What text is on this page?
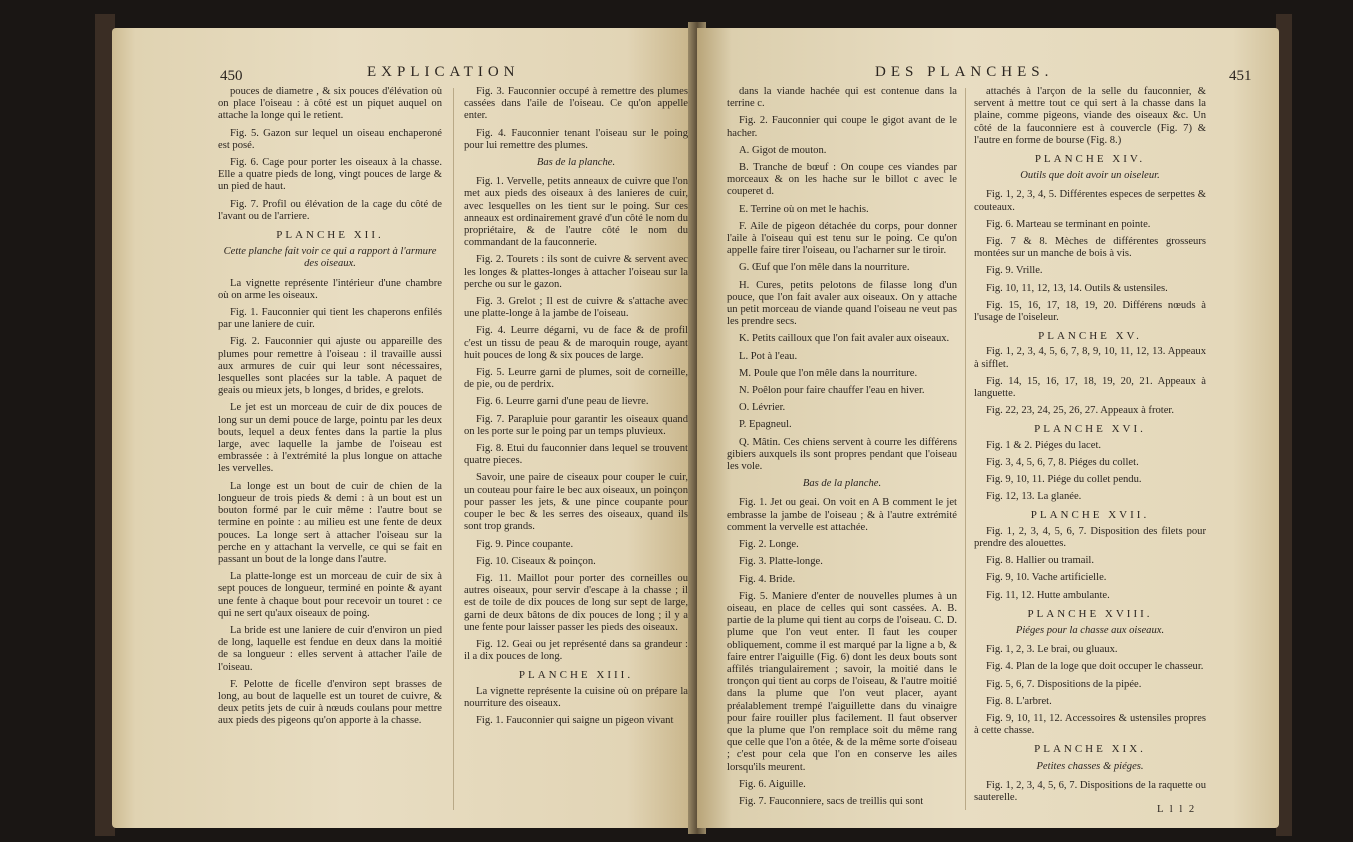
450	EXPLICATION

pouces de diametre , & six pouces d'élévation où on place l'oiseau : à côté est un piquet auquel on attache la longe qui le retient.

Fig. 5. Gazon sur lequel un oiseau enchaperoné est posé.

Fig. 6. Cage pour porter les oiseaux à la chasse. Elle a quatre pieds de long, vingt pouces de large & un pied de haut.

Fig. 7. Profil ou élévation de la cage du côté de l'avant ou de l'arriere.

PLANCHE XII.

Cette planche fait voir ce qui a rapport à l'armure des oiseaux.

La vignette représente l'intérieur d'une chambre où on arme les oiseaux.

Fig. 1. Fauconnier qui tient les chaperons enfilés par une laniere de cuir.

Fig. 2. Fauconnier qui ajuste ou appareille des plumes pour remettre à l'oiseau : il travaille aussi aux armures de cuir qui leur sont nécessaires, lesquelles sont placées sur la table. A paquet de geais ou mieux jets, b longes, d brides, e grelots.

Le jet est un morceau de cuir de dix pouces de long sur un demi pouce de large, pointu par les deux bouts, lequel a deux fentes dans la partie la plus large, avec laquelle la jambe de l'oiseau est embrassée : à l'extrémité la plus longue on attache les vervelles.

La longe est un bout de cuir de chien de la longueur de trois pieds & demi : à un bout est un bouton formé par le cuir même : l'autre bout se termine en pointe : au milieu est une fente de deux pouces. La longe sert à attacher l'oiseau sur la perche en y attachant la vervelle, ce qui se fait en passant un bout de la longe dans l'autre.

La platte-longe est un morceau de cuir de six à sept pouces de longueur, terminé en pointe & ayant une fente à chaque bout pour recevoir un touret : ce qui ne sert qu'aux oiseaux de poing.

La bride est une laniere de cuir d'environ un pied de long, laquelle est fendue en deux dans la moitié de sa longueur : elles servent à attacher l'aile de l'oiseau.

F. Pelotte de ficelle d'environ sept brasses de long, au bout de laquelle est un touret de cuivre, & deux petits jets de cuir à nœuds coulans pour mettre aux pieds des pigeons qu'on apporte à la chasse.

Fig. 3. Fauconnier occupé à remettre des plumes cassées dans l'aile de l'oiseau. Ce qu'on appelle enter.

Fig. 4. Fauconnier tenant l'oiseau sur le poing pour lui remettre des plumes.

Bas de la planche.

Fig. 1. Vervelle, petits anneaux de cuivre que l'on met aux pieds des oiseaux à des lanieres de cuir, avec lesquelles on les tient sur le poing. Sur ces anneaux est ordinairement gravé d'un côté le nom du propriétaire, & de l'autre côté le nom du commandant de la fauconnerie.

Fig. 2. Tourets : ils sont de cuivre & servent avec les longes & plattes-longes à attacher l'oiseau sur la perche ou sur le gazon.

Fig. 3. Grelot ; Il est de cuivre & s'attache avec une platte-longe à la jambe de l'oiseau.

Fig. 4. Leurre dégarni, vu de face & de profil c'est un tissu de peau & de maroquin rouge, ayant huit pouces de long & six pouces de large.

Fig. 5. Leurre garni de plumes, soit de corneille, de pie, ou de perdrix.

Fig. 6. Leurre garni d'une peau de lievre.

Fig. 7. Parapluie pour garantir les oiseaux quand on les porte sur le poing par un temps pluvieux.

Fig. 8. Etui du fauconnier dans lequel se trouvent quatre pieces.

Savoir, une paire de ciseaux pour couper le cuir, un couteau pour faire le bec aux oiseaux, un poinçon pour passer les jets, & une pince coupante pour couper le bec & les serres des oiseaux, quand ils sont trop grands.

Fig. 9. Pince coupante.

Fig. 10. Ciseaux & poinçon.

Fig. 11. Maillot pour porter des corneilles ou autres oiseaux, pour servir d'escape à la chasse ; il est de toile de dix pouces de long sur sept de large, garni de deux bâtons de dix pouces de long ; il y a une fente pour laisser passer les pieds des oiseaux.

Fig. 12. Geai ou jet représenté dans sa grandeur : il a dix pouces de long.

PLANCHE XIII.

La vignette représente la cuisine où on prépare la nourriture des oiseaux.

Fig. 1. Fauconnier qui saigne un pigeon vivant

DES PLANCHES.	451

dans la viande hachée qui est contenue dans la terrine c.

Fig. 2. Fauconnier qui coupe le gigot avant de le hacher.

A. Gigot de mouton.

B. Tranche de bœuf : On coupe ces viandes par morceaux & on les hache sur le billot c avec le couperet d.

E. Terrine où on met le hachis.

F. Aile de pigeon détachée du corps, pour donner l'aile à l'oiseau qui est tenu sur le poing. Ce qu'on appelle faire tirer l'oiseau, ou l'acharner sur le tiroir.

G. Œuf que l'on mêle dans la nourriture.

H. Cures, petits pelotons de filasse long d'un pouce, que l'on fait avaler aux oiseaux. On y attache un petit morceau de viande quand l'oiseau ne veut pas les prendre secs.

K. Petits cailloux que l'on fait avaler aux oiseaux.

L. Pot à l'eau.

M. Poule que l'on mêle dans la nourriture.

N. Poêlon pour faire chauffer l'eau en hiver.

O. Lévrier.

P. Epagneul.

Q. Mâtin. Ces chiens servent à courre les différens gibiers auxquels ils sont propres pendant que l'oiseau les vole.

Bas de la planche.

Fig. 1. Jet ou geai. On voit en A B comment le jet embrasse la jambe de l'oiseau ; & à l'autre extrémité comment la vervelle est attachée.

Fig. 2. Longe.

Fig. 3. Platte-longe.

Fig. 4. Bride.

Fig. 5. Maniere d'enter de nouvelles plumes à un oiseau, en place de celles qui sont cassées. A. B. partie de la plume qui tient au corps de l'oiseau. C. D. plume que l'on veut enter. Il faut les couper obliquement, comme il est marqué par la ligne a b, & faire entrer l'aiguille (Fig. 6) dont les deux bouts sont affilés triangulairement ; savoir, la moitié dans le tronçon qui tient au corps de l'oiseau, & l'autre moitié dans la plume que l'on veut placer, ayant préalablement trempé l'aiguillette dans du vinaigre pour faire rouiller plus facilement. Il faut observer que la plume que l'on remplace soit du même rang que celle que l'on a ôtée, & de la même sorte d'oiseau ; c'est pour cela que l'on en conserve les ailes lorsqu'ils meurent.

Fig. 6. Aiguille.

Fig. 7. Fauconniere, sacs de treillis qui sont

attachés à l'arçon de la selle du fauconnier, & servent à mettre tout ce qui sert à la chasse dans la plaine, comme pigeons, viande des oiseaux &c. Un côté de la fauconniere est à couvercle (Fig. 7) & l'autre en forme de bourse (Fig. 8.)

PLANCHE XIV.

Outils que doit avoir un oiseleur.

Fig. 1, 2, 3, 4, 5. Différentes especes de serpettes & couteaux.

Fig. 6. Marteau se terminant en pointe.

Fig. 7 & 8. Mèches de différentes grosseurs montées sur un manche de bois à vis.

Fig. 9. Vrille.

Fig. 10, 11, 12, 13, 14. Outils & ustensiles.

Fig. 15, 16, 17, 18, 19, 20. Différens nœuds à l'usage de l'oiseleur.

PLANCHE XV.

Fig. 1, 2, 3, 4, 5, 6, 7, 8, 9, 10, 11, 12, 13. Appeaux à sifflet.

Fig. 14, 15, 16, 17, 18, 19, 20, 21. Appeaux à languette.

Fig. 22, 23, 24, 25, 26, 27. Appeaux à froter.

PLANCHE XVI.

Fig. 1 & 2. Piéges du lacet.

Fig. 3, 4, 5, 6, 7, 8. Piéges du collet.

Fig. 9, 10, 11. Piége du collet pendu.

Fig. 12, 13. La glanée.

PLANCHE XVII.

Fig. 1, 2, 3, 4, 5, 6, 7. Disposition des filets pour prendre des alouettes.

Fig. 8. Hallier ou tramail.

Fig. 9, 10. Vache artificielle.

Fig. 11, 12. Hutte ambulante.

PLANCHE XVIII.

Piéges pour la chasse aux oiseaux.

Fig. 1, 2, 3. Le brai, ou gluaux.

Fig. 4. Plan de la loge que doit occuper le chasseur.

Fig. 5, 6, 7. Dispositions de la pipée.

Fig. 8. L'arbret.

Fig. 9, 10, 11, 12. Accessoires & ustensiles propres à cette chasse.

PLANCHE XIX.

Petites chasses & piéges.

Fig. 1, 2, 3, 4, 5, 6, 7. Dispositions de la raquette ou sauterelle.

L l l 2
